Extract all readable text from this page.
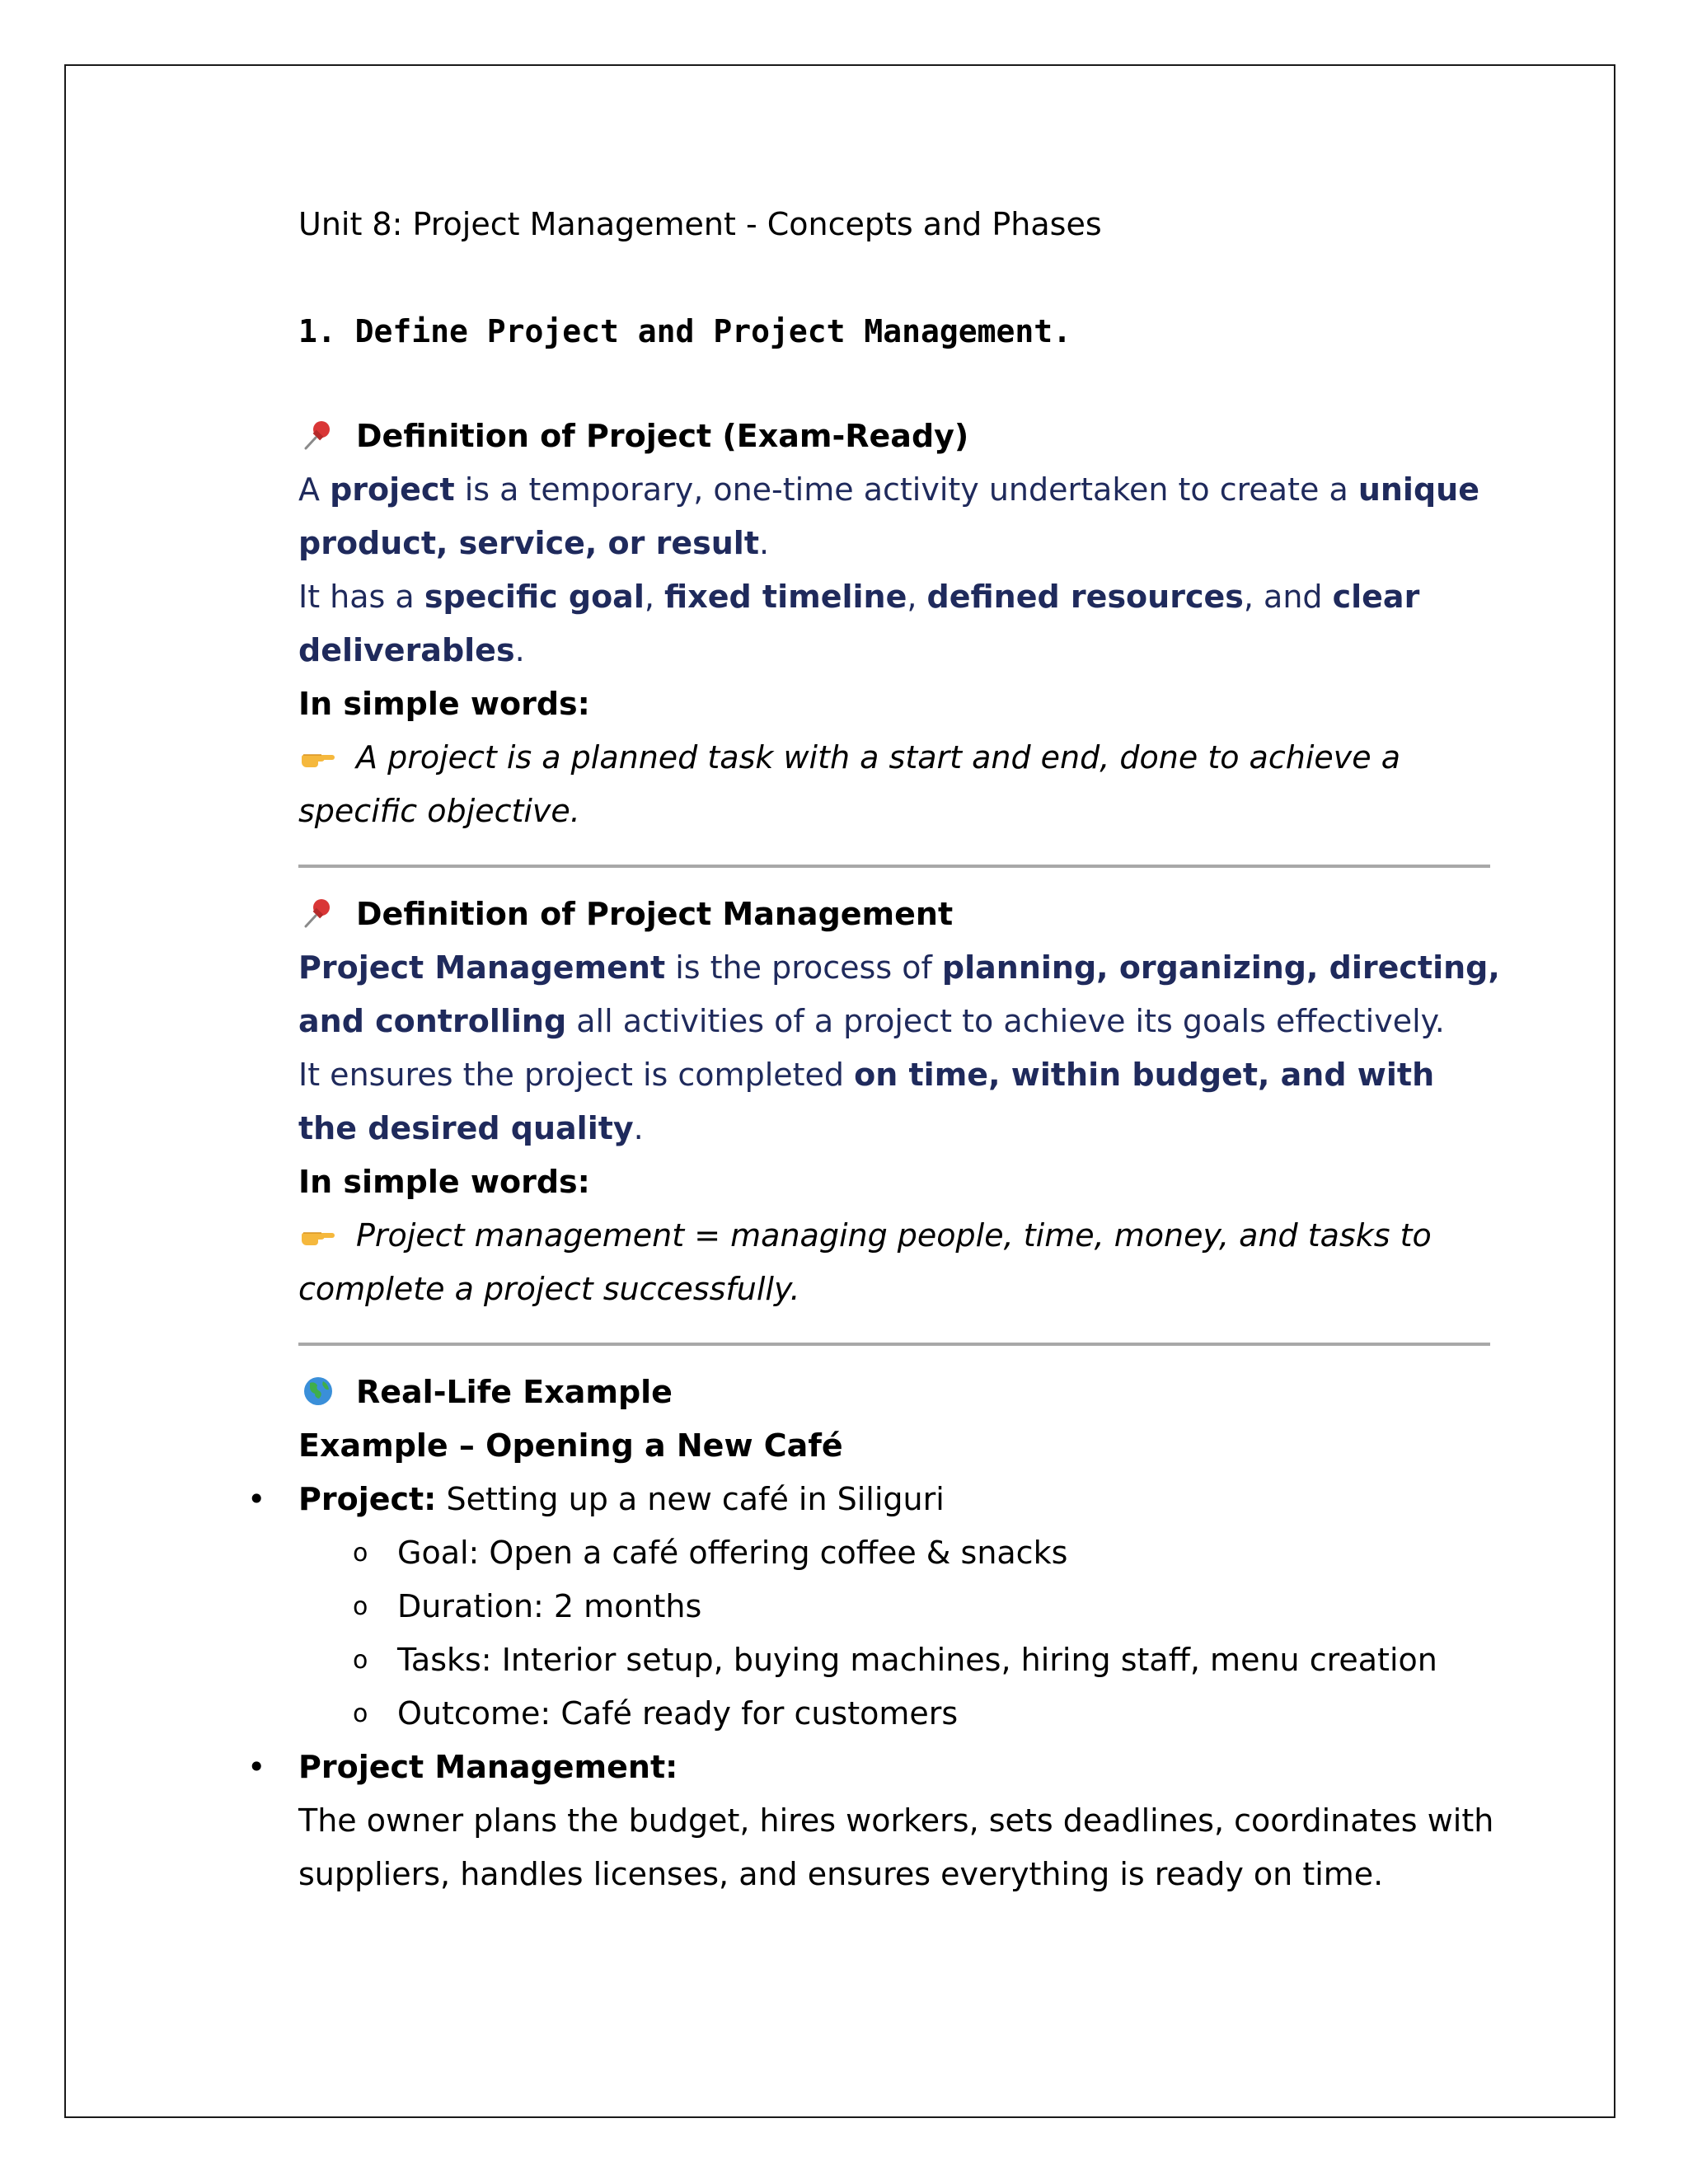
Unit 8: Project Management - Concepts and Phases

1. Define Project and Project Management.

Definition of Project (Exam-Ready)

A project is a temporary, one-time activity undertaken to create a unique product, service, or result.

It has a specific goal, fixed timeline, defined resources, and clear deliverables.

In simple words:

A project is a planned task with a start and end, done to achieve a specific objective.

Definition of Project Management

Project Management is the process of planning, organizing, directing, and controlling all activities of a project to achieve its goals effectively.

It ensures the project is completed on time, within budget, and with the desired quality.

In simple words:

Project management = managing people, time, money, and tasks to complete a project successfully.

Real-Life Example

Example – Opening a New Café

• Project: Setting up a new café in Siliguri
o Goal: Open a café offering coffee & snacks
o Duration: 2 months
o Tasks: Interior setup, buying machines, hiring staff, menu creation
o Outcome: Café ready for customers
• Project Management:

The owner plans the budget, hires workers, sets deadlines, coordinates with suppliers, handles licenses, and ensures everything is ready on time.
